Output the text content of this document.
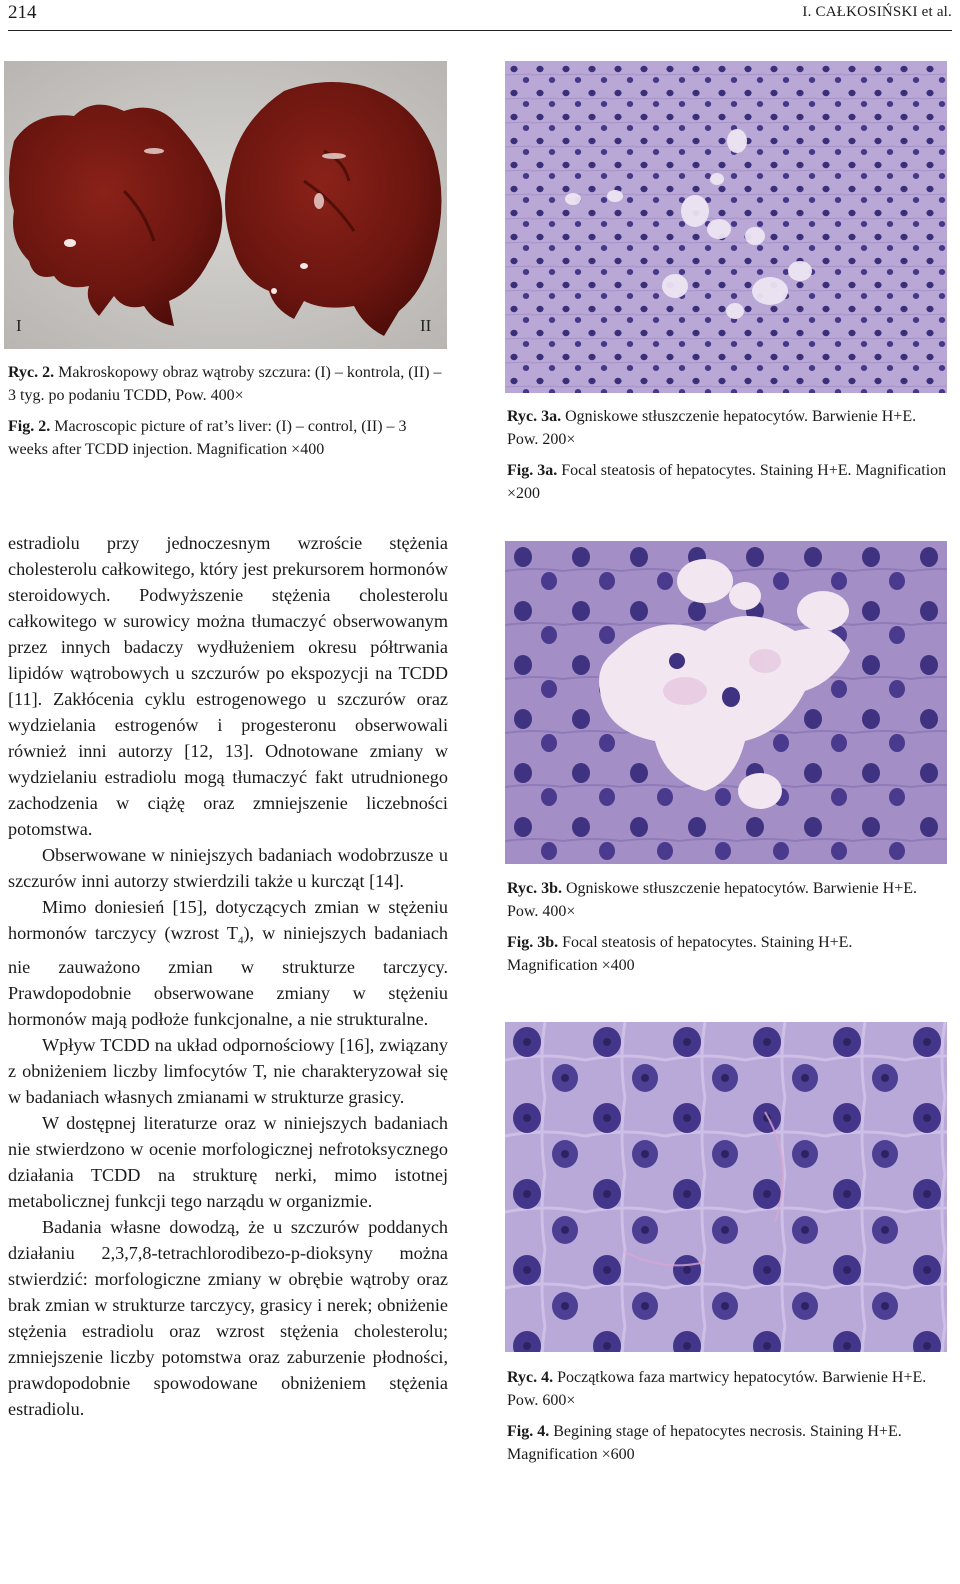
214	I. CAŁKOSIŃSKI et al.
I	II
Ryc. 2. Makroskopowy obraz wątroby szczura: (I) – kontrola, (II) – 3 tyg. po podaniu TCDD, Pow. 400×
Fig. 2. Macroscopic picture of rat’s liver: (I) – control, (II) – 3 weeks after TCDD injection. Magnification ×400
Ryc. 3a. Ogniskowe stłuszczenie hepatocytów. Barwienie H+E. Pow. 200×
Fig. 3a. Focal steatosis of hepatocytes. Staining H+E. Magnification ×200
Ryc. 3b. Ogniskowe stłuszczenie hepatocytów. Barwienie H+E. Pow. 400×
Fig. 3b. Focal steatosis of hepatocytes. Staining H+E. Magnification ×400
Ryc. 4. Początkowa faza martwicy hepatocytów. Barwienie H+E. Pow. 600×
Fig. 4. Begining stage of hepatocytes necrosis. Staining H+E. Magnification ×600

estradiolu przy jednoczesnym wzroście stężenia cholesterolu całkowitego, który jest prekursorem hormonów steroidowych. Podwyższenie stężenia cholesterolu całkowitego w surowicy można tłumaczyć obserwowanym przez innych badaczy wydłużeniem okresu półtrwania lipidów wątrobowych u szczurów po ekspozycji na TCDD [11]. Zakłócenia cyklu estrogenowego u szczurów oraz wydzielania estrogenów i progesteronu obserwowali również inni autorzy [12, 13]. Odnotowane zmiany w wydzielaniu estradiolu mogą tłumaczyć fakt utrudnionego zachodzenia w ciążę oraz zmniejszenie liczebności potomstwa.

Obserwowane w niniejszych badaniach wodobrzusze u szczurów inni autorzy stwierdzili także u kurcząt [14].

Mimo doniesień [15], dotyczących zmian w stężeniu hormonów tarczycy (wzrost $T_4$), w niniejszych badaniach nie zauważono zmian w strukturze tarczycy. Prawdopodobnie obserwowane zmiany w stężeniu hormonów mają podłoże funkcjonalne, a nie strukturalne.

Wpływ TCDD na układ odpornościowy [16], związany z obniżeniem liczby limfocytów T, nie charakteryzował się w badaniach własnych zmianami w strukturze grasicy.

W dostępnej literaturze oraz w niniejszych badaniach nie stwierdzono w ocenie morfologicznej nefrotoksycznego działania TCDD na strukturę nerki, mimo istotnej metabolicznej funkcji tego narządu w organizmie.

Badania własne dowodzą, że u szczurów poddanych działaniu 2,3,7,8-tetrachlorodibezo-p-dioksyny można stwierdzić: morfologiczne zmiany w obrębie wątroby oraz brak zmian w strukturze tarczycy, grasicy i nerek; obniżenie stężenia estradiolu oraz wzrost stężenia cholesterolu; zmniejszenie liczby potomstwa oraz zaburzenie płodności, prawdopodobnie spowodowane obniżeniem stężenia estradiolu.
